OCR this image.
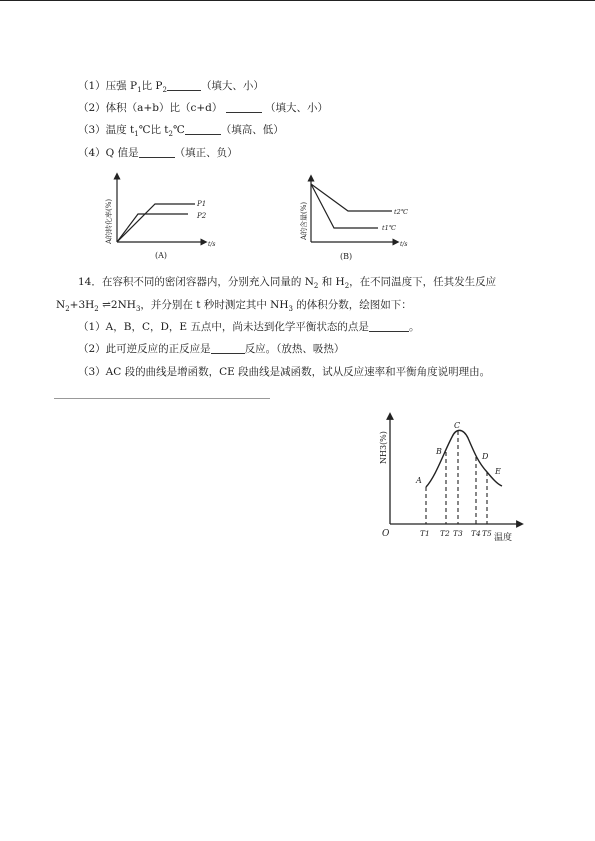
（1）压强 $P_1$比 $P_2$	（填大、小）
（2）体积（a+b）比（c+d）	（填大、小）
（3）温度 $t_1℃$比 $t_2℃$	（填高、低）
（4）Q 值是	（填正、负）
P1
P2
t/s
A的转化率(%)
(A)
t2℃
t1℃
t/s
A的含量(%)
(B)
14．在容积不同的密闭容器内，分别充入同量的 $N_2$ 和 $H_2$，在不同温度下，任其发生反应
$N_2+3H_2$ $\rightleftharpoons 2NH_3$，并分别在 t 秒时测定其中 $NH_3$ 的体积分数，绘图如下：
（1）A，B，C，D，E 五点中，尚未达到化学平衡状态的点是	。
（2）此可逆反应的正反应是	反应。（放热、吸热）
（3）AC 段的曲线是增函数，CE 段曲线是减函数，试从反应速率和平衡角度说明理由。
NH3(%)
O	温度
A
B
C
D
E
T1 T2 T3 T4 T5
